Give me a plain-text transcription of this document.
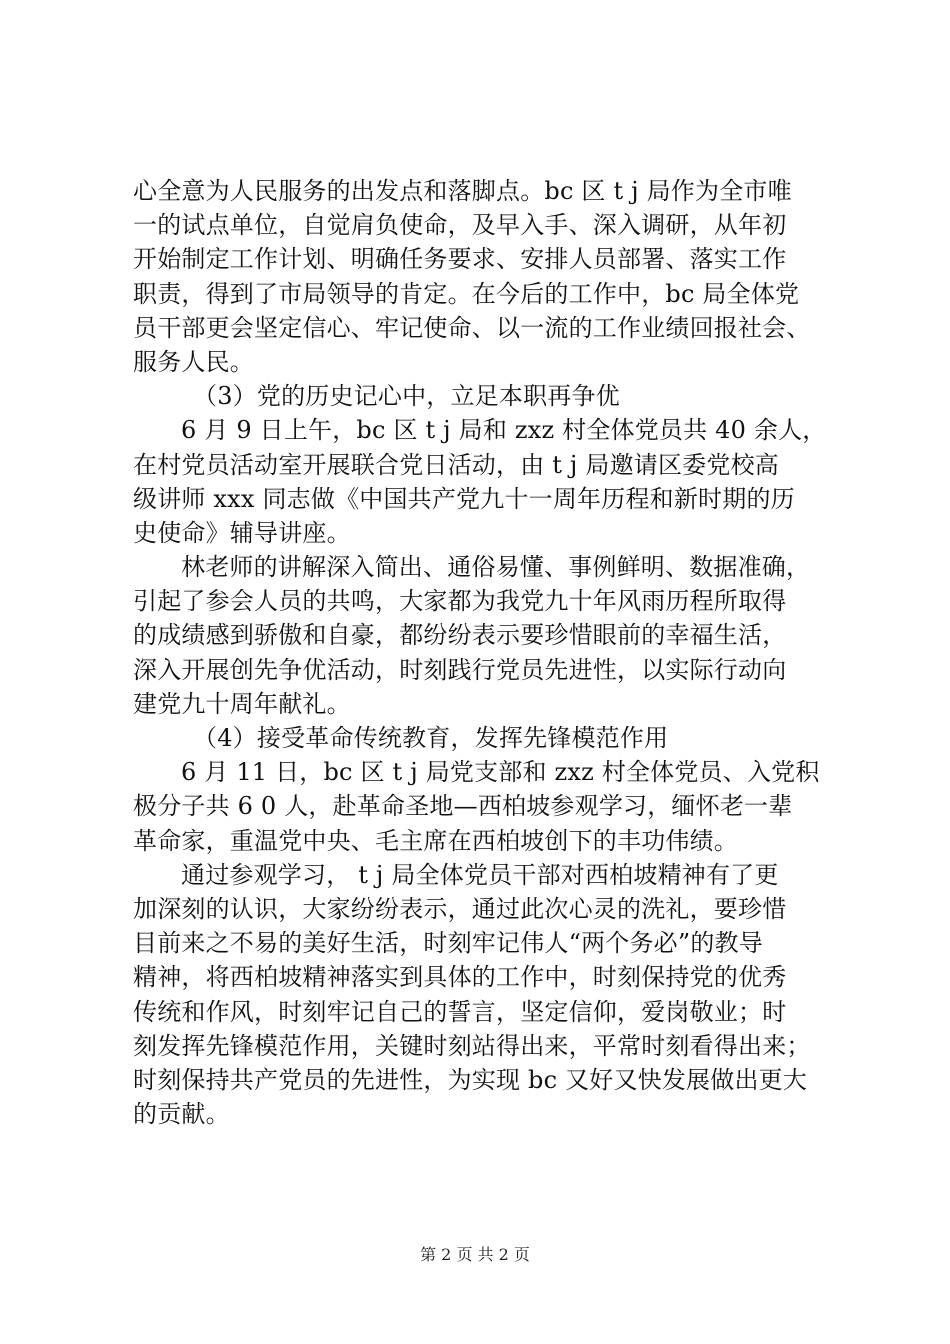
心全意为人民服务的出发点和落脚点。bc 区 t j 局作为全市唯
一的试点单位，自觉肩负使命，及早入手、深入调研，从年初
开始制定工作计划、明确任务要求、安排人员部署、落实工作
职责，得到了市局领导的肯定。在今后的工作中，bc 局全体党
员干部更会坚定信心、牢记使命、以一流的工作业绩回报社会、
服务人民。
（3）党的历史记心中，立足本职再争优
6 月 9 日上午，bc 区 t j 局和 zxz 村全体党员共 40 余人，
在村党员活动室开展联合党日活动，由 t j 局邀请区委党校高
级讲师 xxx 同志做《中国共产党九十一周年历程和新时期的历
史使命》辅导讲座。
林老师的讲解深入简出、通俗易懂、事例鲜明、数据准确，
引起了参会人员的共鸣，大家都为我党九十年风雨历程所取得
的成绩感到骄傲和自豪，都纷纷表示要珍惜眼前的幸福生活，
深入开展创先争优活动，时刻践行党员先进性，以实际行动向
建党九十周年献礼。
（4）接受革命传统教育，发挥先锋模范作用
6 月 11 日，bc 区 t j 局党支部和 zxz 村全体党员、入党积
极分子共 6 0 人，赴革命圣地—西柏坡参观学习，缅怀老一辈
革命家，重温党中央、毛主席在西柏坡创下的丰功伟绩。
通过参观学习， t j 局全体党员干部对西柏坡精神有了更
加深刻的认识，大家纷纷表示，通过此次心灵的洗礼，要珍惜
目前来之不易的美好生活，时刻牢记伟人“两个务必”的教导
精神，将西柏坡精神落实到具体的工作中，时刻保持党的优秀
传统和作风，时刻牢记自己的誓言，坚定信仰，爱岗敬业；时
刻发挥先锋模范作用，关键时刻站得出来，平常时刻看得出来；
时刻保持共产党员的先进性，为实现 bc 又好又快发展做出更大
的贡献。
第 2 页 共 2 页
